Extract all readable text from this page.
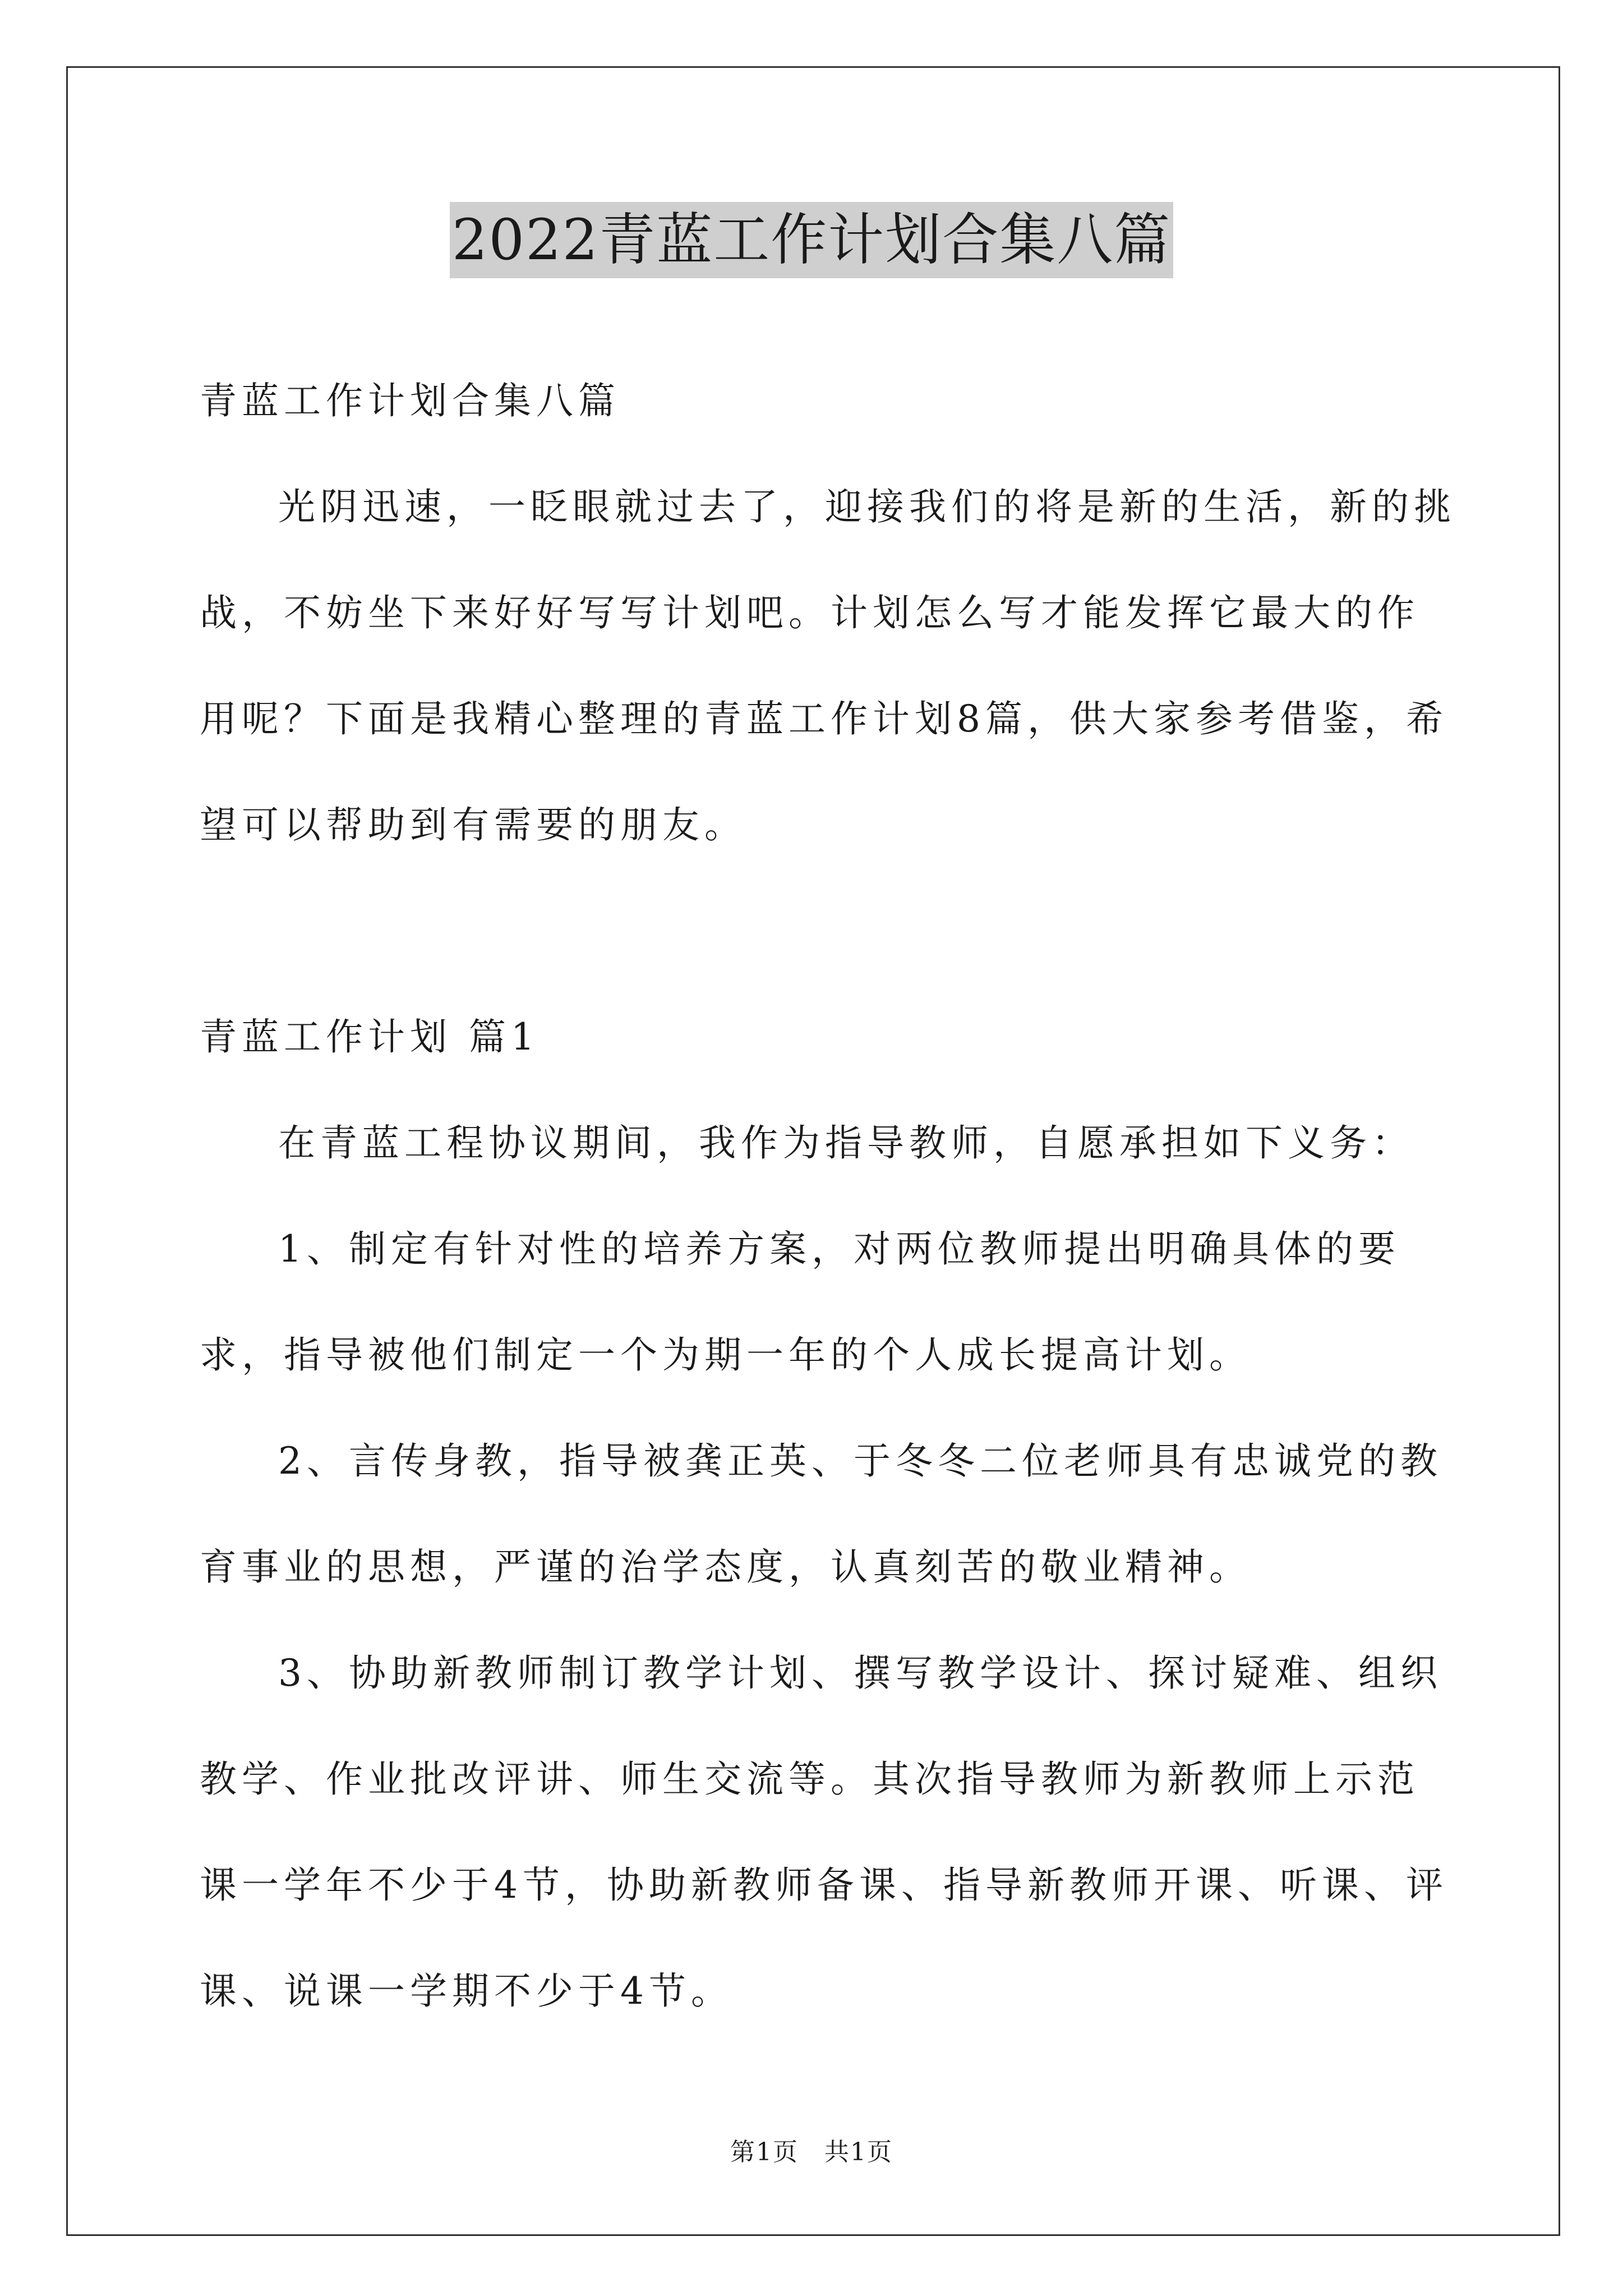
2022青蓝工作计划合集八篇

青蓝工作计划合集八篇

光阴迅速，一眨眼就过去了，迎接我们的将是新的生活，新的挑战，不妨坐下来好好写写计划吧。计划怎么写才能发挥它最大的作用呢？下面是我精心整理的青蓝工作计划8篇，供大家参考借鉴，希望可以帮助到有需要的朋友。

青蓝工作计划 篇1

在青蓝工程协议期间，我作为指导教师，自愿承担如下义务：

1、制定有针对性的培养方案，对两位教师提出明确具体的要求，指导被他们制定一个为期一年的个人成长提高计划。

2、言传身教，指导被龚正英、于冬冬二位老师具有忠诚党的教育事业的思想，严谨的治学态度，认真刻苦的敬业精神。

3、协助新教师制订教学计划、撰写教学设计、探讨疑难、组织教学、作业批改评讲、师生交流等。其次指导教师为新教师上示范课一学年不少于4节，协助新教师备课、指导新教师开课、听课、评课、说课一学期不少于4节。

第1页　共1页
